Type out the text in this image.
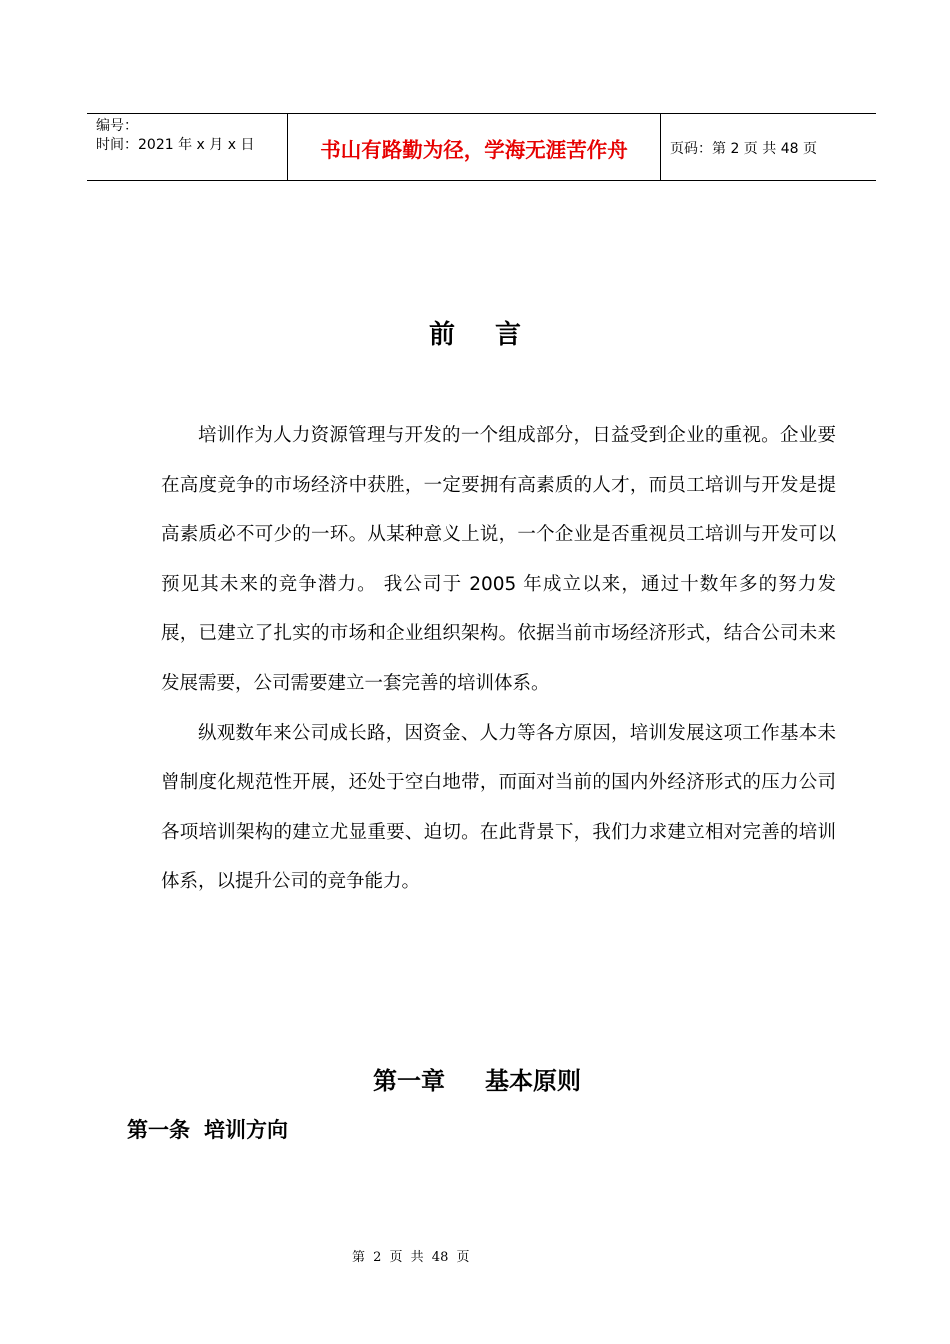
编号：
时间：2021 年 x 月 x 日	书山有路勤为径，学海无涯苦作舟	页码：第 2 页 共 48 页
前言

培训作为人力资源管理与开发的一个组成部分，日益受到企业的重视。企业要在高度竞争的市场经济中获胜，一定要拥有高素质的人才，而员工培训与开发是提高素质必不可少的一环。从某种意义上说，一个企业是否重视员工培训与开发可以预见其未来的竞争潜力。 我公司于 2005 年成立以来，通过十数年多的努力发展，已建立了扎实的市场和企业组织架构。依据当前市场经济形式，结合公司未来发展需要，公司需要建立一套完善的培训体系。

纵观数年来公司成长路，因资金、人力等各方原因，培训发展这项工作基本未曾制度化规范性开展，还处于空白地带，而面对当前的国内外经济形式的压力公司各项培训架构的建立尤显重要、迫切。在此背景下，我们力求建立相对完善的培训体系，以提升公司的竞争能力。

第一章 基本原则
第一条 培训方向
第 2 页 共 48 页
